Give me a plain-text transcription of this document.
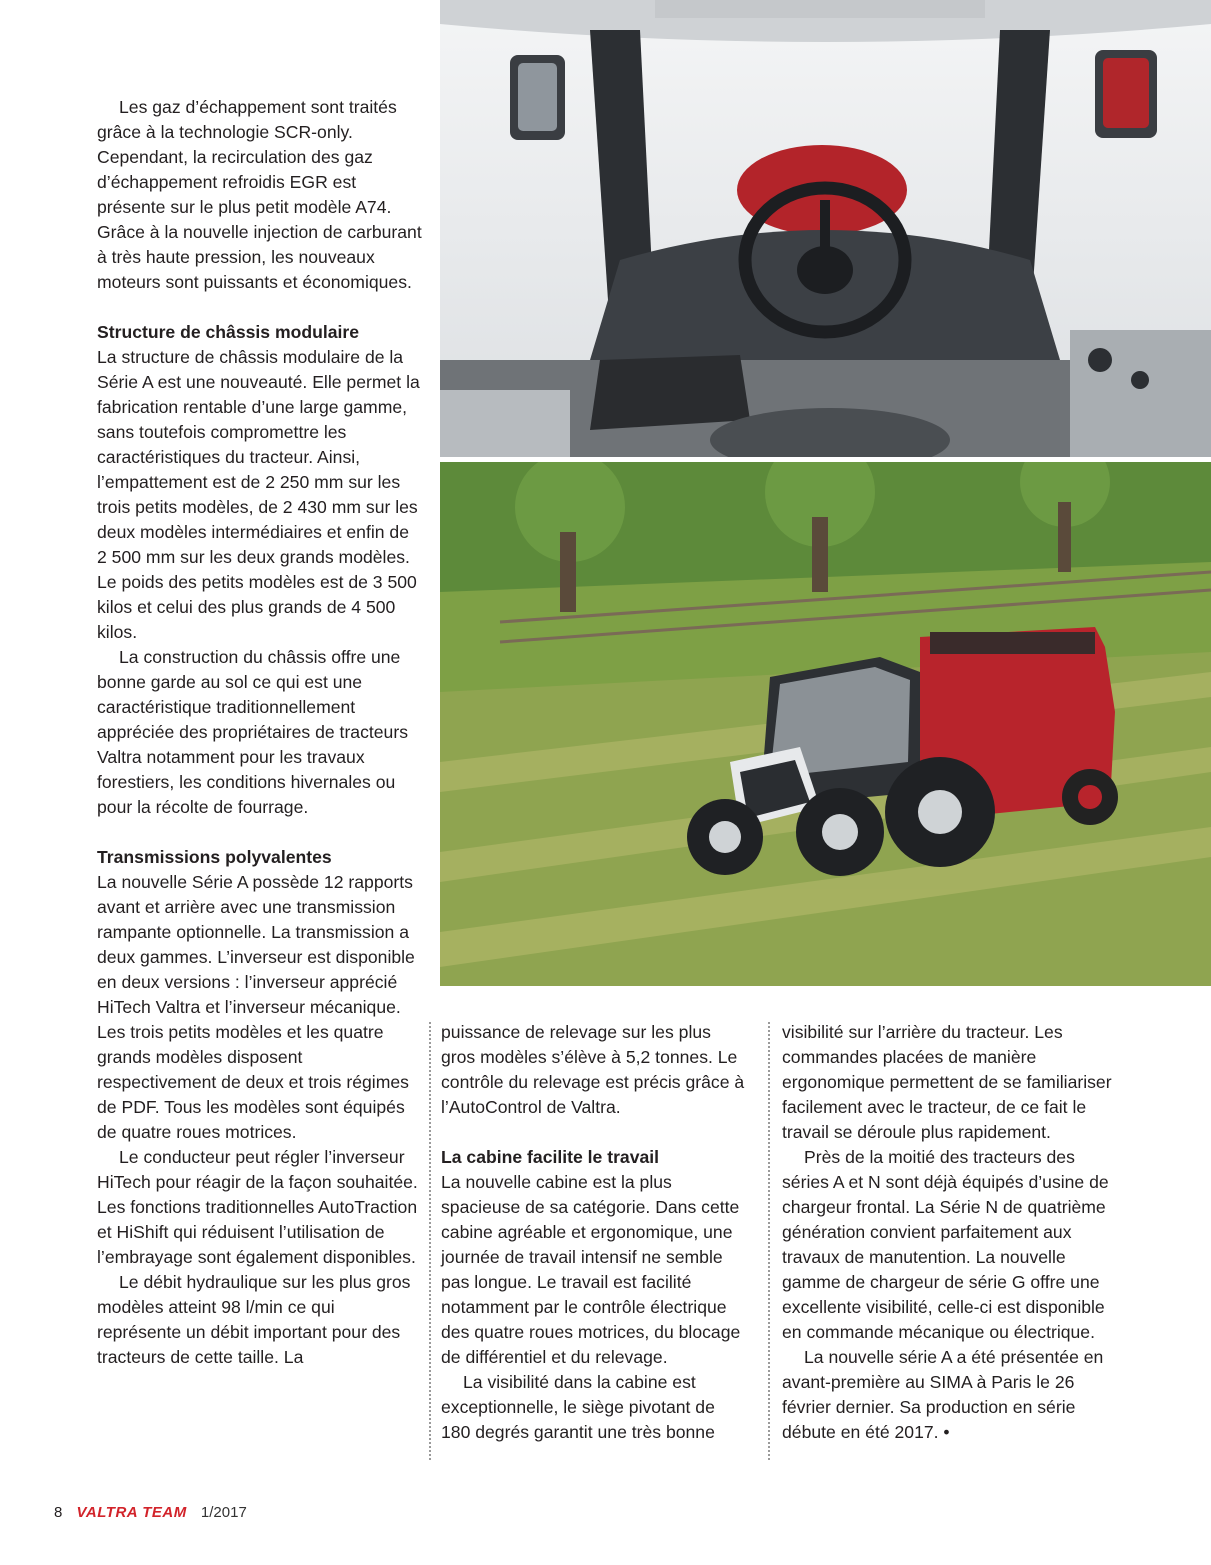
Les gaz d’échappement sont traités grâce à la technologie SCR-only. Cependant, la recirculation des gaz d’échappement refroidis EGR est présente sur le plus petit modèle A74. Grâce à la nouvelle injection de carburant à très haute pression, les nouveaux moteurs sont puissants et économiques.

Structure de châssis modulaire

La structure de châssis modulaire de la Série A est une nouveauté. Elle permet la fabrication rentable d’une large gamme, sans toutefois compromettre les caractéristiques du tracteur. Ainsi, l’empattement est de 2 250 mm sur les trois petits modèles, de 2 430 mm sur les deux modèles intermédiaires et enfin de 2 500 mm sur les deux grands modèles. Le poids des petits modèles est de 3 500 kilos et celui des plus grands de 4 500 kilos.

La construction du châssis offre une bonne garde au sol ce qui est une caractéristique traditionnellement appréciée des propriétaires de tracteurs Valtra notamment pour les travaux forestiers, les conditions hivernales ou pour la récolte de fourrage.

Transmissions polyvalentes

La nouvelle Série A possède 12 rapports avant et arrière avec une transmission rampante optionnelle. La transmission a deux gammes. L’inverseur est disponible en deux versions : l’inverseur apprécié HiTech Valtra et l’inverseur mécanique. Les trois petits modèles et les quatre grands modèles disposent respectivement de deux et trois régimes de PDF. Tous les modèles sont équipés de quatre roues motrices.

Le conducteur peut régler l’inverseur HiTech pour réagir de la façon souhaitée. Les fonctions traditionnelles AutoTraction et HiShift qui réduisent l’utilisation de l’embrayage sont également disponibles.

Le débit hydraulique sur les plus gros modèles atteint 98 l/min ce qui représente un débit important pour des tracteurs de cette taille. La

puissance de relevage sur les plus gros modèles s’élève à 5,2 tonnes. Le contrôle du relevage est précis grâce à l’AutoControl de Valtra.

La cabine facilite le travail

La nouvelle cabine est la plus spacieuse de sa catégorie. Dans cette cabine agréable et ergonomique, une journée de travail intensif ne semble pas longue. Le travail est facilité notamment par le contrôle électrique des quatre roues motrices, du blocage de différentiel et du relevage.

La visibilité dans la cabine est exceptionnelle, le siège pivotant de 180 degrés garantit une très bonne

visibilité sur l’arrière du tracteur. Les commandes placées de manière ergonomique permettent de se familiariser facilement avec le tracteur, de ce fait le travail se déroule plus rapidement.

Près de la moitié des tracteurs des séries A et N sont déjà équipés d’usine de chargeur frontal. La Série N de quatrième génération convient parfaitement aux travaux de manutention. La nouvelle gamme de chargeur de série G offre une excellente visibilité, celle-ci est disponible en commande mécanique ou électrique.

La nouvelle série A a été présentée en avant-première au SIMA à Paris le 26 février dernier. Sa production en série débute en été 2017. •

8 VALTRA TEAM 1/2017
